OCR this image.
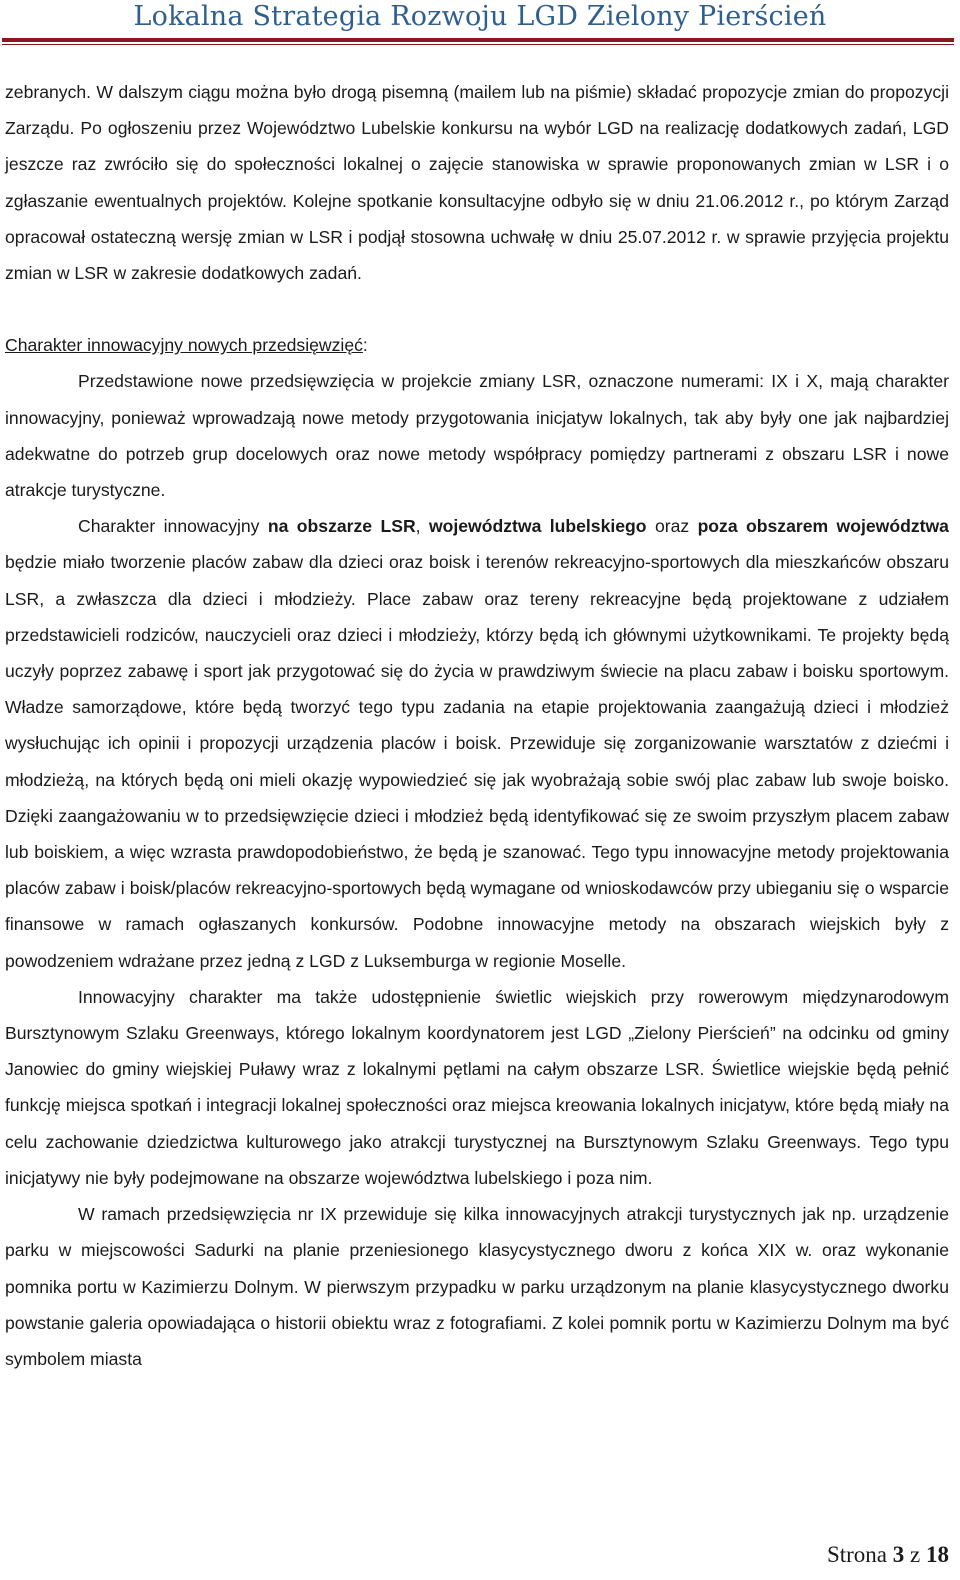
Lokalna Strategia Rozwoju LGD Zielony Pierścień

zebranych. W dalszym ciągu można było drogą pisemną (mailem lub na piśmie) składać propozycje zmian do propozycji Zarządu. Po ogłoszeniu przez Województwo Lubelskie konkursu na wybór LGD na realizację dodatkowych zadań, LGD jeszcze raz zwróciło się do społeczności lokalnej o zajęcie stanowiska w sprawie proponowanych zmian w LSR i o zgłaszanie ewentualnych projektów. Kolejne spotkanie konsultacyjne odbyło się w dniu 21.06.2012 r., po którym Zarząd opracował ostateczną wersję zmian w LSR i podjął stosowna uchwałę w dniu 25.07.2012 r. w sprawie przyjęcia projektu zmian w LSR w zakresie dodatkowych zadań.

Charakter innowacyjny nowych przedsięwzięć:

Przedstawione nowe przedsięwzięcia w projekcie zmiany LSR, oznaczone numerami: IX i X, mają charakter innowacyjny, ponieważ wprowadzają nowe metody przygotowania inicjatyw lokalnych, tak aby były one jak najbardziej adekwatne do potrzeb grup docelowych oraz nowe metody współpracy pomiędzy partnerami z obszaru LSR i nowe atrakcje turystyczne.

Charakter innowacyjny na obszarze LSR, województwa lubelskiego oraz poza obszarem województwa będzie miało tworzenie placów zabaw dla dzieci oraz boisk i terenów rekreacyjno-sportowych dla mieszkańców obszaru LSR, a zwłaszcza dla dzieci i młodzieży. Place zabaw oraz tereny rekreacyjne będą projektowane z udziałem przedstawicieli rodziców, nauczycieli oraz dzieci i młodzieży, którzy będą ich głównymi użytkownikami. Te projekty będą uczyły poprzez zabawę i sport jak przygotować się do życia w prawdziwym świecie na placu zabaw i boisku sportowym. Władze samorządowe, które będą tworzyć tego typu zadania na etapie projektowania zaangażują dzieci i młodzież wysłuchując ich opinii i propozycji urządzenia placów i boisk. Przewiduje się zorganizowanie warsztatów z dziećmi i młodzieżą, na których będą oni mieli okazję wypowiedzieć się jak wyobrażają sobie swój plac zabaw lub swoje boisko. Dzięki zaangażowaniu w to przedsięwzięcie dzieci i młodzież będą identyfikować się ze swoim przyszłym placem zabaw lub boiskiem, a więc wzrasta prawdopodobieństwo, że będą je szanować. Tego typu innowacyjne metody projektowania placów zabaw i boisk/placów rekreacyjno-sportowych będą wymagane od wnioskodawców przy ubieganiu się o wsparcie finansowe w ramach ogłaszanych konkursów. Podobne innowacyjne metody na obszarach wiejskich były z powodzeniem wdrażane przez jedną z LGD z Luksemburga w regionie Moselle.

Innowacyjny charakter ma także udostępnienie świetlic wiejskich przy rowerowym międzynarodowym Bursztynowym Szlaku Greenways, którego lokalnym koordynatorem jest LGD „Zielony Pierścień” na odcinku od gminy Janowiec do gminy wiejskiej Puławy wraz z lokalnymi pętlami na całym obszarze LSR. Świetlice wiejskie będą pełnić funkcję miejsca spotkań i integracji lokalnej społeczności oraz miejsca kreowania lokalnych inicjatyw, które będą miały na celu zachowanie dziedzictwa kulturowego jako atrakcji turystycznej na Bursztynowym Szlaku Greenways. Tego typu inicjatywy nie były podejmowane na obszarze województwa lubelskiego i poza nim.

W ramach przedsięwzięcia nr IX przewiduje się kilka innowacyjnych atrakcji turystycznych jak np. urządzenie parku w miejscowości Sadurki na planie przeniesionego klasycystycznego dworu z końca XIX w. oraz wykonanie pomnika portu w Kazimierzu Dolnym. W pierwszym przypadku w parku urządzonym na planie klasycystycznego dworku powstanie galeria opowiadająca o historii obiektu wraz z fotografiami. Z kolei pomnik portu w Kazimierzu Dolnym ma być symbolem miasta

Strona 3 z 18
